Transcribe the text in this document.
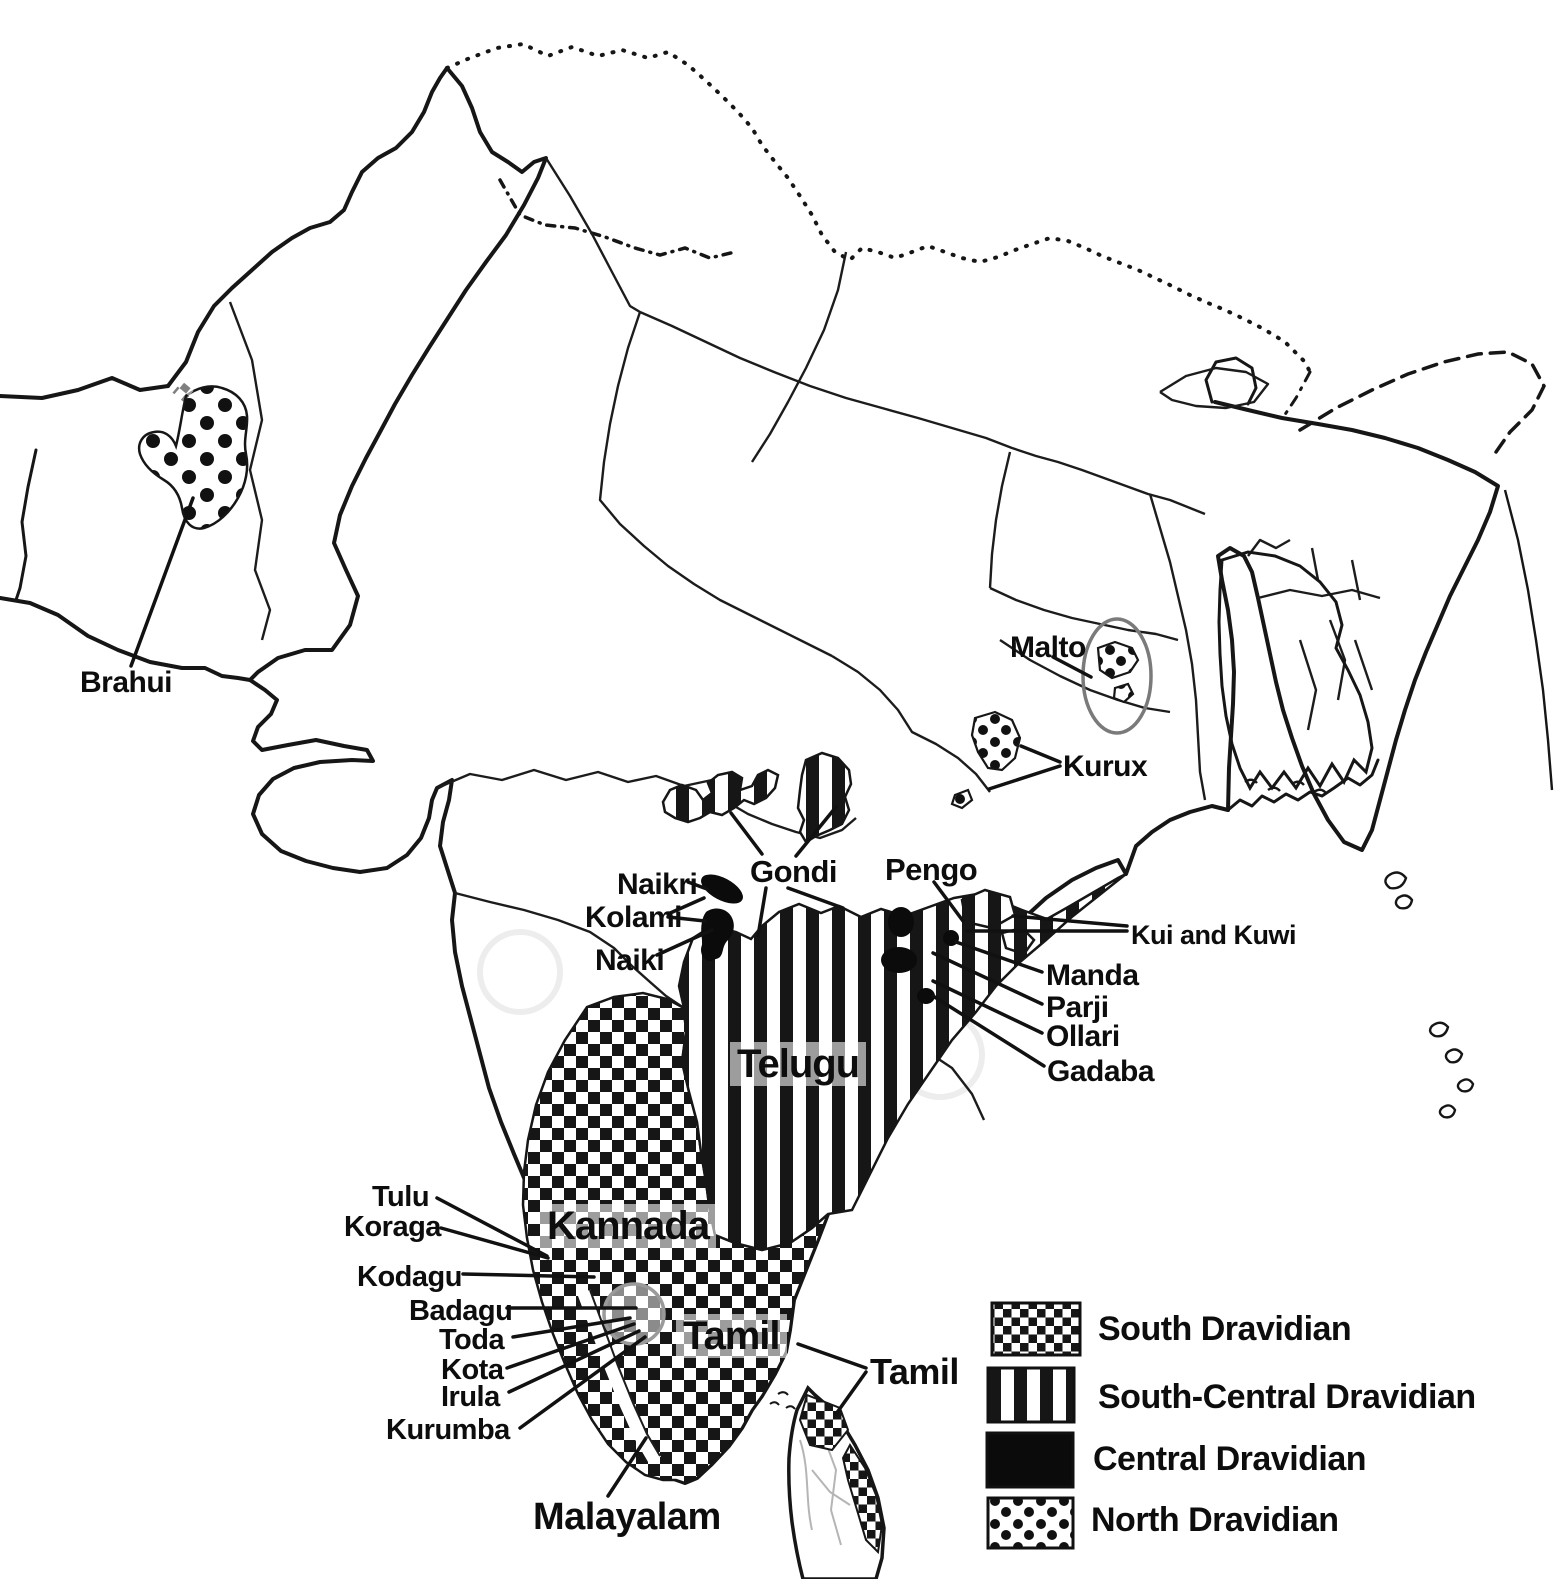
Brahui
Malto
Kurux
Naikri
Kolami
Naiki
Gondi Pengo
Kui and Kuwi
Manda
Parji
Ollari
Gadaba
Telugu
Kannada
Tamil
Tamil
Malayalam
Tulu
Koraga
Kodagu
Badagu
Toda
Kota
Irula
Kurumba
South Dravidian
South-Central Dravidian
Central Dravidian
North Dravidian
